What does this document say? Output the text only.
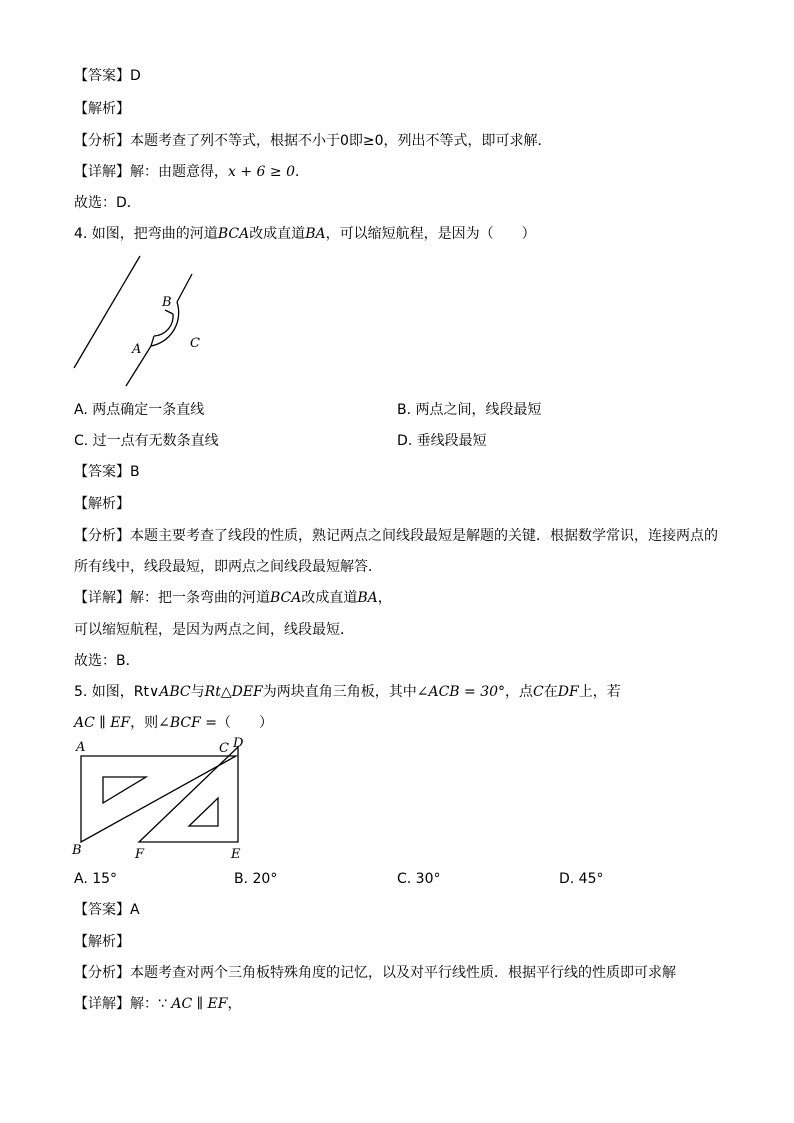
【答案】D
【解析】
【分析】本题考查了列不等式，根据不小于0即≥0，列出不等式，即可求解．
【详解】解：由题意得，x + 6 ≥ 0．
故选：D．
4. 如图，把弯曲的河道BCA改成直道BA，可以缩短航程，是因为（　　）
B
A	C
A. 两点确定一条直线	B. 两点之间，线段最短
C. 过一点有无数条直线	D. 垂线段最短
【答案】B
【解析】
【分析】本题主要考查了线段的性质，熟记两点之间线段最短是解题的关键．根据数学常识，连接两点的
所有线中，线段最短，即两点之间线段最短解答．
【详解】解：把一条弯曲的河道BCA改成直道BA，
可以缩短航程，是因为两点之间，线段最短．
故选：B．
5. 如图，Rt∨ABC与Rt△DEF为两块直角三角板，其中∠ACB = 30°，点C在DF上，若
AC ∥ EF，则∠BCF =（　　）
A	C D
B	F	E
A. 15°	B. 20°	C. 30°	D. 45°
【答案】A
【解析】
【分析】本题考查对两个三角板特殊角度的记忆，以及对平行线性质．根据平行线的性质即可求解
【详解】解：∵ AC ∥ EF，
